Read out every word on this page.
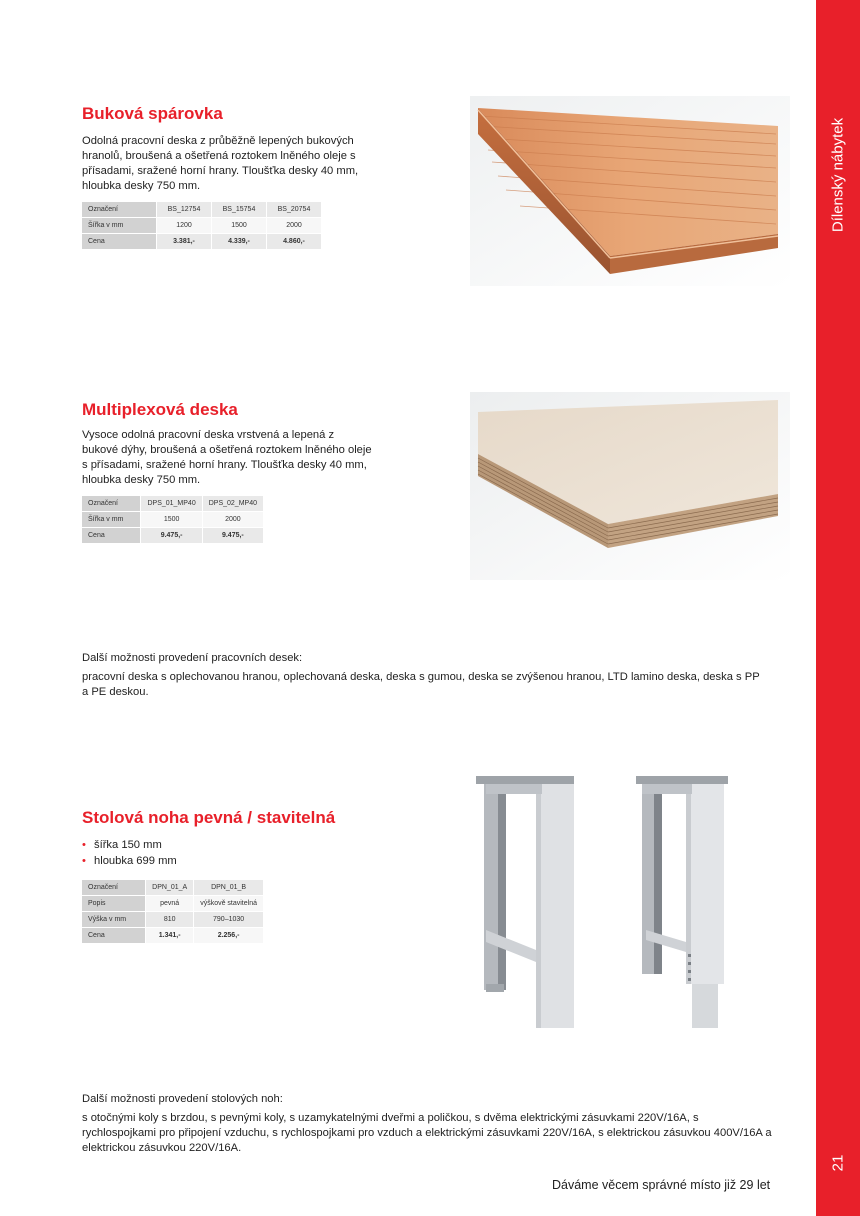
Dílenský nábytek
21
Buková spárovka

Odolná pracovní deska z průběžně lepených bukových hranolů, broušená a ošetřená roztokem lněného oleje s přísadami, sražené horní hrany. Tloušťka desky 40 mm, hloubka desky 750 mm.

Označení	BS_12754	BS_15754	BS_20754
Šířka v mm	1200	1500	2000
Cena	3.381,-	4.339,-	4.860,-
Multiplexová deska

Vysoce odolná pracovní deska vrstvená a lepená z bukové dýhy, broušená a ošetřená roztokem lněného oleje s přísadami, sražené horní hrany. Tloušťka desky 40 mm, hloubka desky 750 mm.

Označení	DPS_01_MP40	DPS_02_MP40
Šířka v mm	1500	2000
Cena	9.475,-	9.475,-

Další možnosti provedení pracovních desek:

pracovní deska s oplechovanou hranou, oplechovaná deska, deska s gumou, deska se zvýšenou hranou, LTD lamino deska, deska s PP a PE deskou.

Stolová noha pevná / stavitelná
• šířka 150 mm
• hloubka 699 mm
Označení	DPN_01_A	DPN_01_B
Popis	pevná	výškově stavitelná
Výška v mm	810	790–1030
Cena	1.341,-	2.256,-

Další možnosti provedení stolových noh:

s otočnými koly s brzdou, s pevnými koly, s uzamykatelnými dveřmi a poličkou, s dvěma elektrickými zásuvkami 220V/16A, s rychlospojkami pro připojení vzduchu, s rychlospojkami pro vzduch a elektrickými zásuvkami 220V/16A, s elektrickou zásuvkou 400V/16A a elektrickou zásuvkou 220V/16A.

Dáváme věcem správné místo již 29 let
